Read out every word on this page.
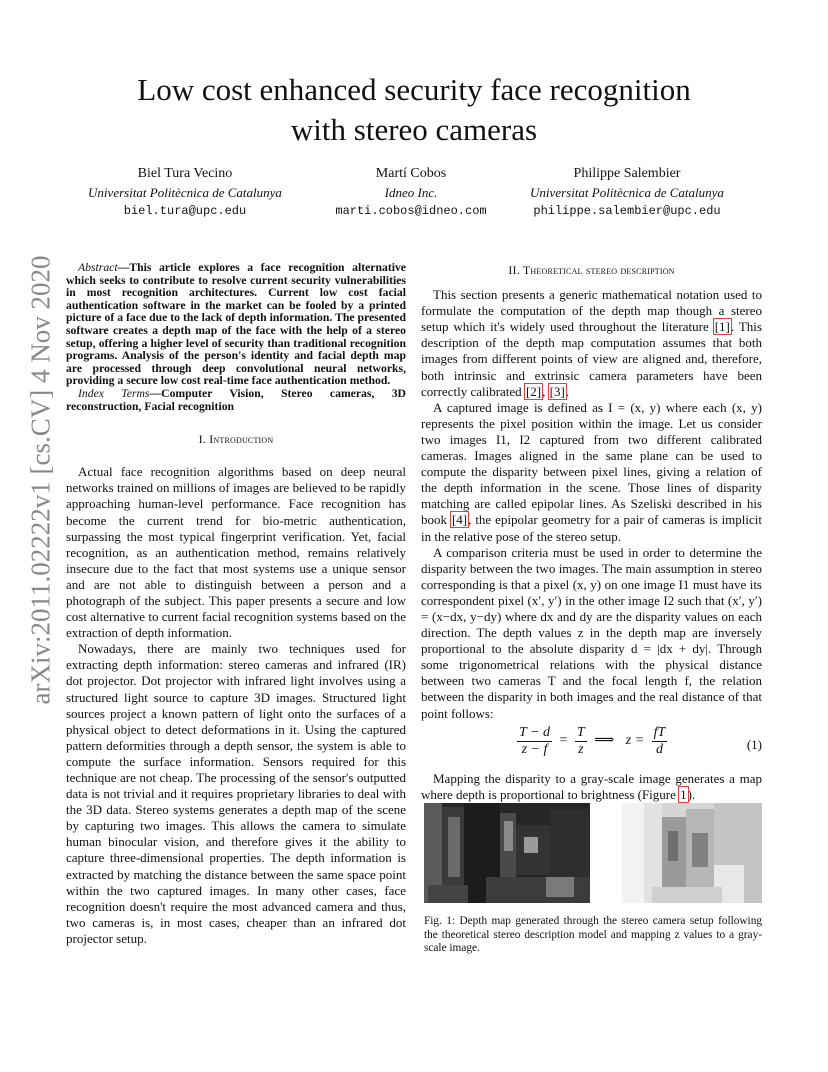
Low cost enhanced security face recognition
with stereo cameras
Biel Tura Vecino
Universitat Politècnica de Catalunya
biel.tura@upc.edu
Martí Cobos
Idneo Inc.
marti.cobos@idneo.com
Philippe Salembier
Universitat Politècnica de Catalunya
philippe.salembier@upc.edu
arXiv:2011.02222v1 [cs.CV] 4 Nov 2020	Abstract—This article explores a face recognition alternative which seeks to contribute to resolve current security vulnerabilities in most recognition architectures. Current low cost facial authentication software in the market can be fooled by a printed picture of a face due to the lack of depth information. The presented software creates a depth map of the face with the help of a stereo setup, offering a higher level of security than traditional recognition programs. Analysis of the person's identity and facial depth map are processed through deep convolutional neural networks, providing a secure low cost real-time face authentication method.

Index Terms—Computer Vision, Stereo cameras, 3D reconstruction, Facial recognition

I. Introduction

Actual face recognition algorithms based on deep neural networks trained on millions of images are believed to be rapidly approaching human-level performance. Face recognition has become the current trend for bio-metric authentication, surpassing the most typical fingerprint verification. Yet, facial recognition, as an authentication method, remains relatively insecure due to the fact that most systems use a unique sensor and are not able to distinguish between a person and a photograph of the subject. This paper presents a secure and low cost alternative to current facial recognition systems based on the extraction of depth information.

Nowadays, there are mainly two techniques used for extracting depth information: stereo cameras and infrared (IR) dot projector. Dot projector with infrared light involves using a structured light source to capture 3D images. Structured light sources project a known pattern of light onto the surfaces of a physical object to detect deformations in it. Using the captured pattern deformities through a depth sensor, the system is able to compute the surface information. Sensors required for this technique are not cheap. The processing of the sensor's outputted data is not trivial and it requires proprietary libraries to deal with the 3D data. Stereo systems generates a depth map of the scene by capturing two images. This allows the camera to simulate human binocular vision, and therefore gives it the ability to capture three-dimensional properties. The depth information is extracted by matching the distance between the same space point within the two captured images. In many other cases, face recognition doesn't require the most advanced camera and thus, two cameras is, in most cases, cheaper than an infrared dot projector setup.

II. Theoretical stereo description

This section presents a generic mathematical notation used to formulate the computation of the depth map though a stereo setup which it's widely used throughout the literature [1]. This description of the depth map computation assumes that both images from different points of view are aligned and, therefore, both intrinsic and extrinsic camera parameters have been correctly calibrated [2], [3].

A captured image is defined as I = (x, y) where each (x, y) represents the pixel position within the image. Let us consider two images I1, I2 captured from two different calibrated cameras. Images aligned in the same plane can be used to compute the disparity between pixel lines, giving a relation of the depth information in the scene. Those lines of disparity matching are called epipolar lines. As Szeliski described in his book [4], the epipolar geometry for a pair of cameras is implicit in the relative pose of the stereo setup.

A comparison criteria must be used in order to determine the disparity between the two images. The main assumption in stereo corresponding is that a pixel (x, y) on one image I1 must have its correspondent pixel (x′, y′) in the other image I2 such that (x′, y′) = (x−dx, y−dy) where dx and dy are the disparity values on each direction. The depth values z in the depth map are inversely proportional to the absolute disparity d = |dx + dy|. Through some trigonometrical relations with the physical distance between two cameras T and the focal length f, the relation between the disparity in both images and the real distance of that point follows:

$\frac{T - d}{z - f} = \frac{T}{z}$ ⟹ $z = \frac{fT}{d}$	(1)

Mapping the disparity to a gray-scale image generates a map where depth is proportional to brightness (Figure 1).

Fig. 1: Depth map generated through the stereo camera setup following the theoretical stereo description model and mapping z values to a gray-scale image.
